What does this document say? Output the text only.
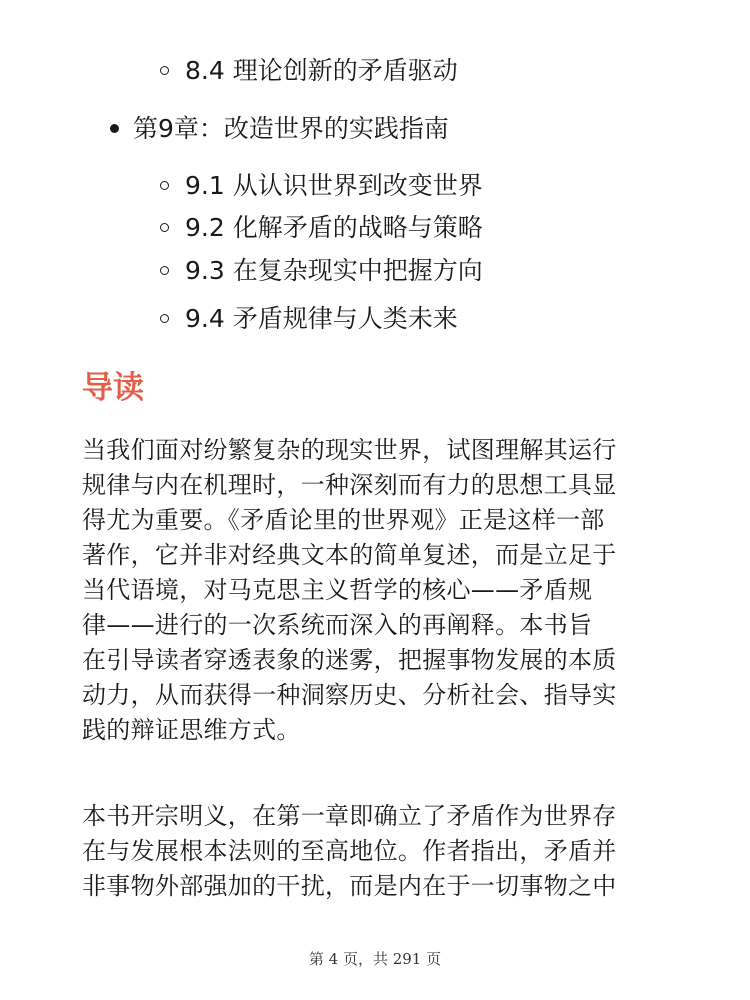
8.4 理论创新的矛盾驱动
第9章：改造世界的实践指南
9.1 从认识世界到改变世界
9.2 化解矛盾的战略与策略
9.3 在复杂现实中把握方向
9.4 矛盾规律与人类未来
导读

当我们面对纷繁复杂的现实世界，试图理解其运行
规律与内在机理时，一种深刻而有力的思想工具显
得尤为重要。《矛盾论里的世界观》正是这样一部
著作，它并非对经典文本的简单复述，而是立足于
当代语境，对马克思主义哲学的核心——矛盾规
律——进行的一次系统而深入的再阐释。本书旨
在引导读者穿透表象的迷雾，把握事物发展的本质
动力，从而获得一种洞察历史、分析社会、指导实
践的辩证思维方式。

本书开宗明义，在第一章即确立了矛盾作为世界存
在与发展根本法则的至高地位。作者指出，矛盾并
非事物外部强加的干扰，而是内在于一切事物之中

第 4 页，共 291 页
